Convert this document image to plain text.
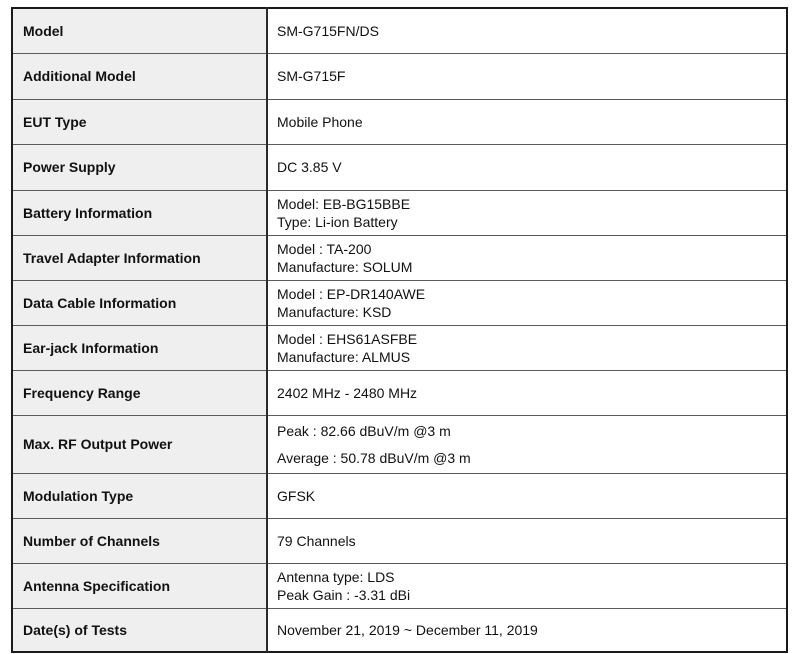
Model	SM-G715FN/DS

Additional Model	SM-G715F

EUT Type	Mobile Phone

Power Supply	DC 3.85 V

Battery Information	Model: EB-BG15BBE
Type: Li-ion Battery

Travel Adapter Information	Model : TA-200
Manufacture: SOLUM

Data Cable Information	Model : EP-DR140AWE
Manufacture: KSD

Ear-jack Information	Model : EHS61ASFBE
Manufacture: ALMUS

Frequency Range	2402 MHz - 2480 MHz

Max. RF Output Power	Peak : 82.66 dBuV/m @3 m
Average : 50.78 dBuV/m @3 m

Modulation Type	GFSK

Number of Channels	79 Channels

Antenna Specification	Antenna type: LDS
Peak Gain : -3.31 dBi

Date(s) of Tests	November 21, 2019 ~ December 11, 2019
